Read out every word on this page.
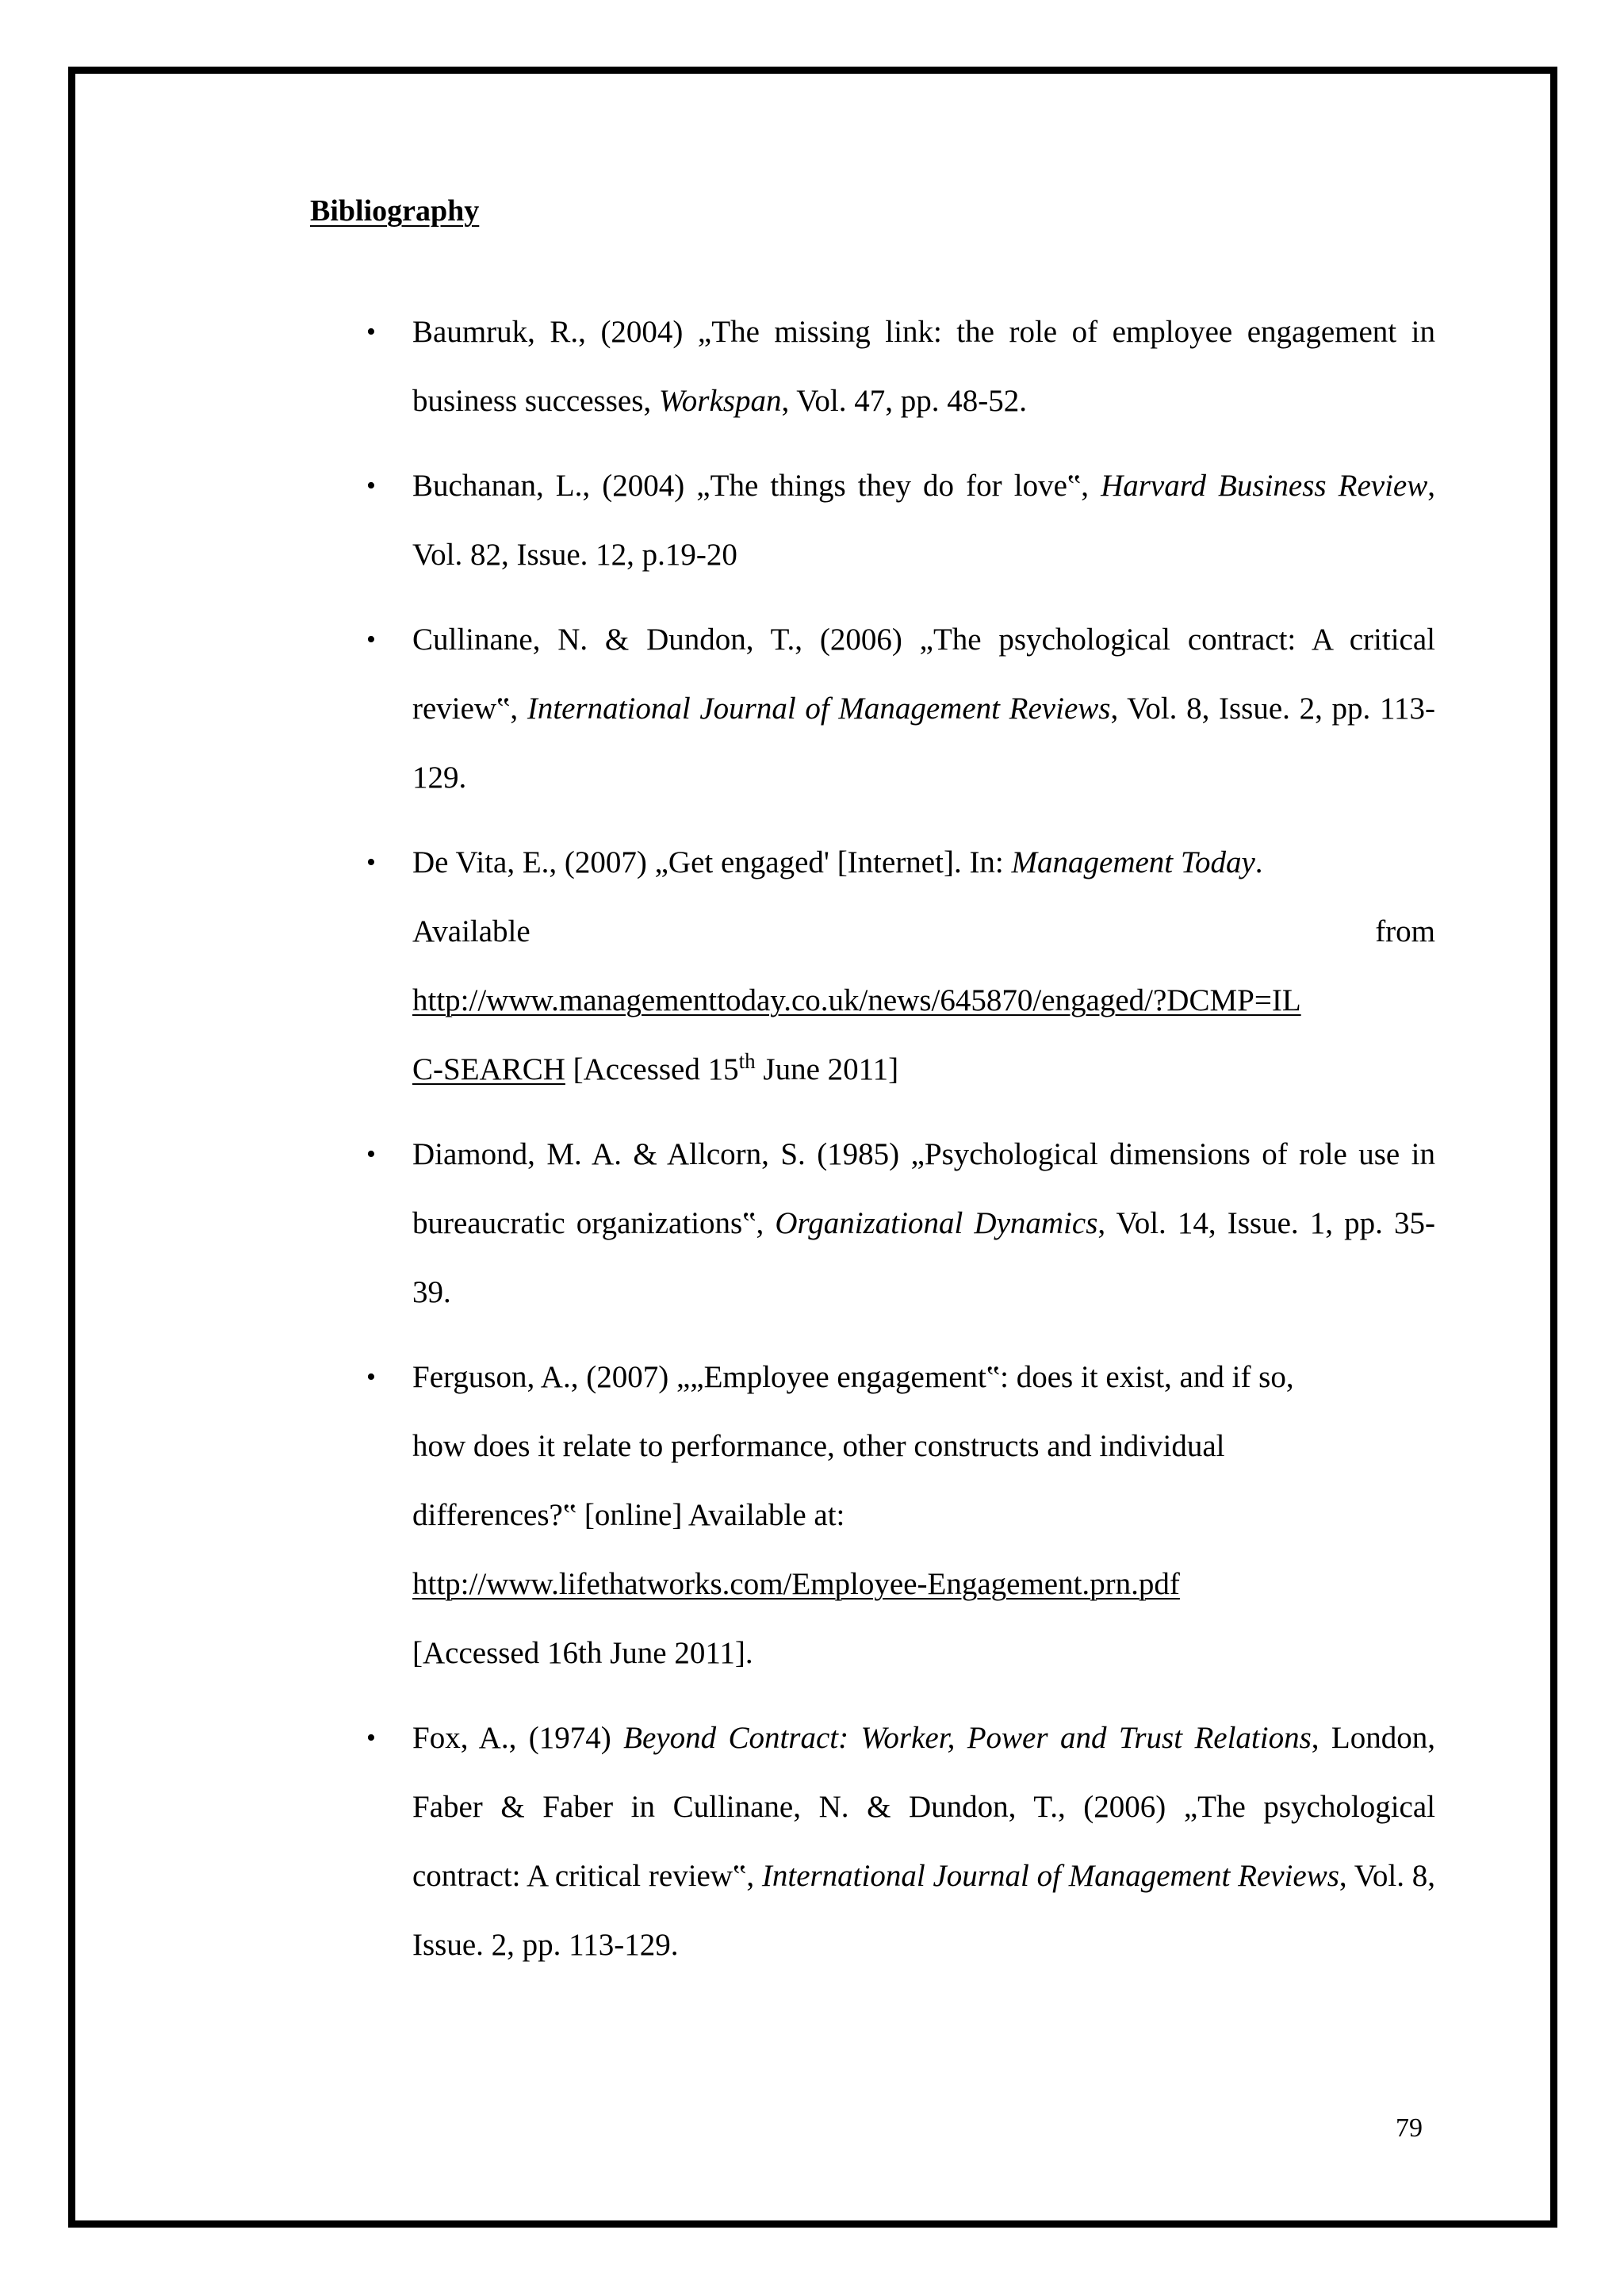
Bibliography
• Baumruk, R., (2004) „The missing link: the role of employee engagement in business successes, Workspan, Vol. 47, pp. 48-52.
• Buchanan, L., (2004) „The things they do for love‟, Harvard Business Review, Vol. 82, Issue. 12, p.19-20
• Cullinane, N. & Dundon, T., (2006) „The psychological contract: A critical review‟, International Journal of Management Reviews, Vol. 8, Issue. 2, pp. 113-129.
• De Vita, E., (2007) „Get engaged' [Internet]. In: Management Today.
Available	from
http://www.managementtoday.co.uk/news/645870/engaged/?DCMP=IL
C-SEARCH [Accessed 15th June 2011]
• Diamond, M. A. & Allcorn, S. (1985) „Psychological dimensions of role use in bureaucratic organizations‟, Organizational Dynamics, Vol. 14, Issue. 1, pp. 35-39.
• Ferguson, A., (2007) „„Employee engagement‟: does it exist, and if so,
how does it relate to performance, other constructs and individual
differences?‟ [online] Available at:
http://www.lifethatworks.com/Employee-Engagement.prn.pdf
[Accessed 16th June 2011].
• Fox, A., (1974) Beyond Contract: Worker, Power and Trust Relations, London, Faber & Faber in Cullinane, N. & Dundon, T., (2006) „The psychological contract: A critical review‟, International Journal of Management Reviews, Vol. 8, Issue. 2, pp. 113-129.
79
